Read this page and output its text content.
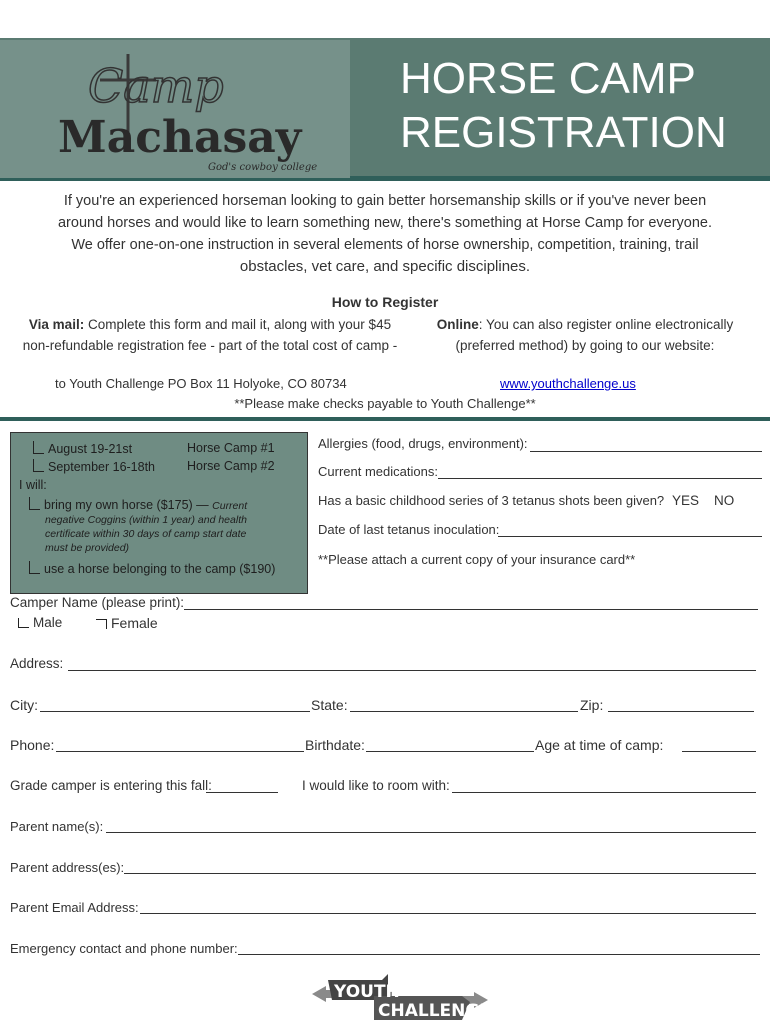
Camp
Machasay
God's cowboy college
HORSE CAMP
REGISTRATION
If you're an experienced horseman looking to gain better horsemanship skills or if you've never been
around horses and would like to learn something new, there's something at Horse Camp for everyone.
We offer one-on-one instruction in several elements of horse ownership, competition, training, trail
obstacles, vet care, and specific disciplines.
How to Register
Via mail: Complete this form and mail it, along with your $45
non-refundable registration fee - part of the total cost of camp -
Online: You can also register online electronically
(preferred method) by going to our website:
to Youth Challenge PO Box 11 Holyoke, CO 80734	www.youthchallenge.us
**Please make checks payable to Youth Challenge**
August 19-21st	Horse Camp #1
September 16-18th	Horse Camp #2
I will:
bring my own horse ($175) — Current
negative Coggins (within 1 year) and health
certificate within 30 days of camp start date
must be provided)
use a horse belonging to the camp ($190)
Allergies (food, drugs, environment):
Current medications:
Has a basic childhood series of 3 tetanus shots been given? YES NO
Date of last tetanus inoculation:
**Please attach a current copy of your insurance card**
Camper Name (please print):
Male	Female
Address:
City:	State:	Zip:
Phone:	Birthdate:	Age at time of camp:
Grade camper is entering this fall:	I would like to room with:
Parent name(s):
Parent address(es):
Parent Email Address:
Emergency contact and phone number:
YOUTH
CHALLENGE
